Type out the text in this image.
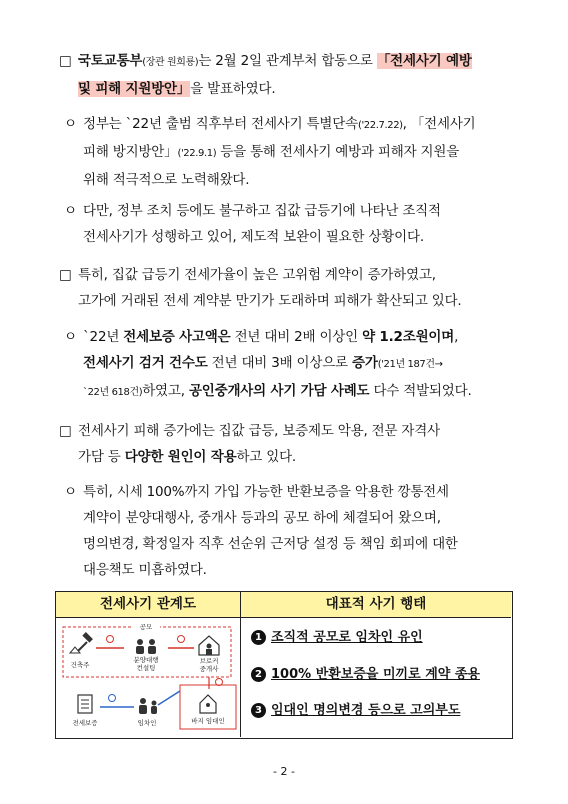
□ 국토교통부(장관 원희룡)는 2월 2일 관계부처 합동으로 「전세사기 예방
및 피해 지원방안」을 발표하였다.
ㅇ 정부는 `22년 출범 직후부터 전세사기 특별단속('22.7.22), 「전세사기
피해 방지방안」('22.9.1) 등을 통해 전세사기 예방과 피해자 지원을
위해 적극적으로 노력해왔다.
ㅇ 다만, 정부 조치 등에도 불구하고 집값 급등기에 나타난 조직적
전세사기가 성행하고 있어, 제도적 보완이 필요한 상황이다.
□ 특히, 집값 급등기 전세가율이 높은 고위험 계약이 증가하였고,
고가에 거래된 전세 계약분 만기가 도래하며 피해가 확산되고 있다.
ㅇ `22년 전세보증 사고액은 전년 대비 2배 이상인 약 1.2조원이며,
전세사기 검거 건수도 전년 대비 3배 이상으로 증가('21년 187건→
`22년 618건)하였고, 공인중개사의 사기 가담 사례도 다수 적발되었다.
□ 전세사기 피해 증가에는 집값 급등, 보증제도 악용, 전문 자격사
가담 등 다양한 원인이 작용하고 있다.
ㅇ 특히, 시세 100%까지 가입 가능한 반환보증을 악용한 깡통전세
계약이 분양대행사, 중개사 등과의 공모 하에 체결되어 왔으며,
명의변경, 확정일자 직후 선순위 근저당 설정 등 책임 회피에 대한
대응책도 미흡하였다.
전세사기 관계도
공모
건축주
분양대행
컨설팅
브로커
중개사
바지 임대인
임차인
전세보증
대표적 사기 행태
1 조직적 공모로 임차인 유인
2 100% 반환보증을 미끼로 계약 종용
3 임대인 명의변경 등으로 고의부도
- 2 -
